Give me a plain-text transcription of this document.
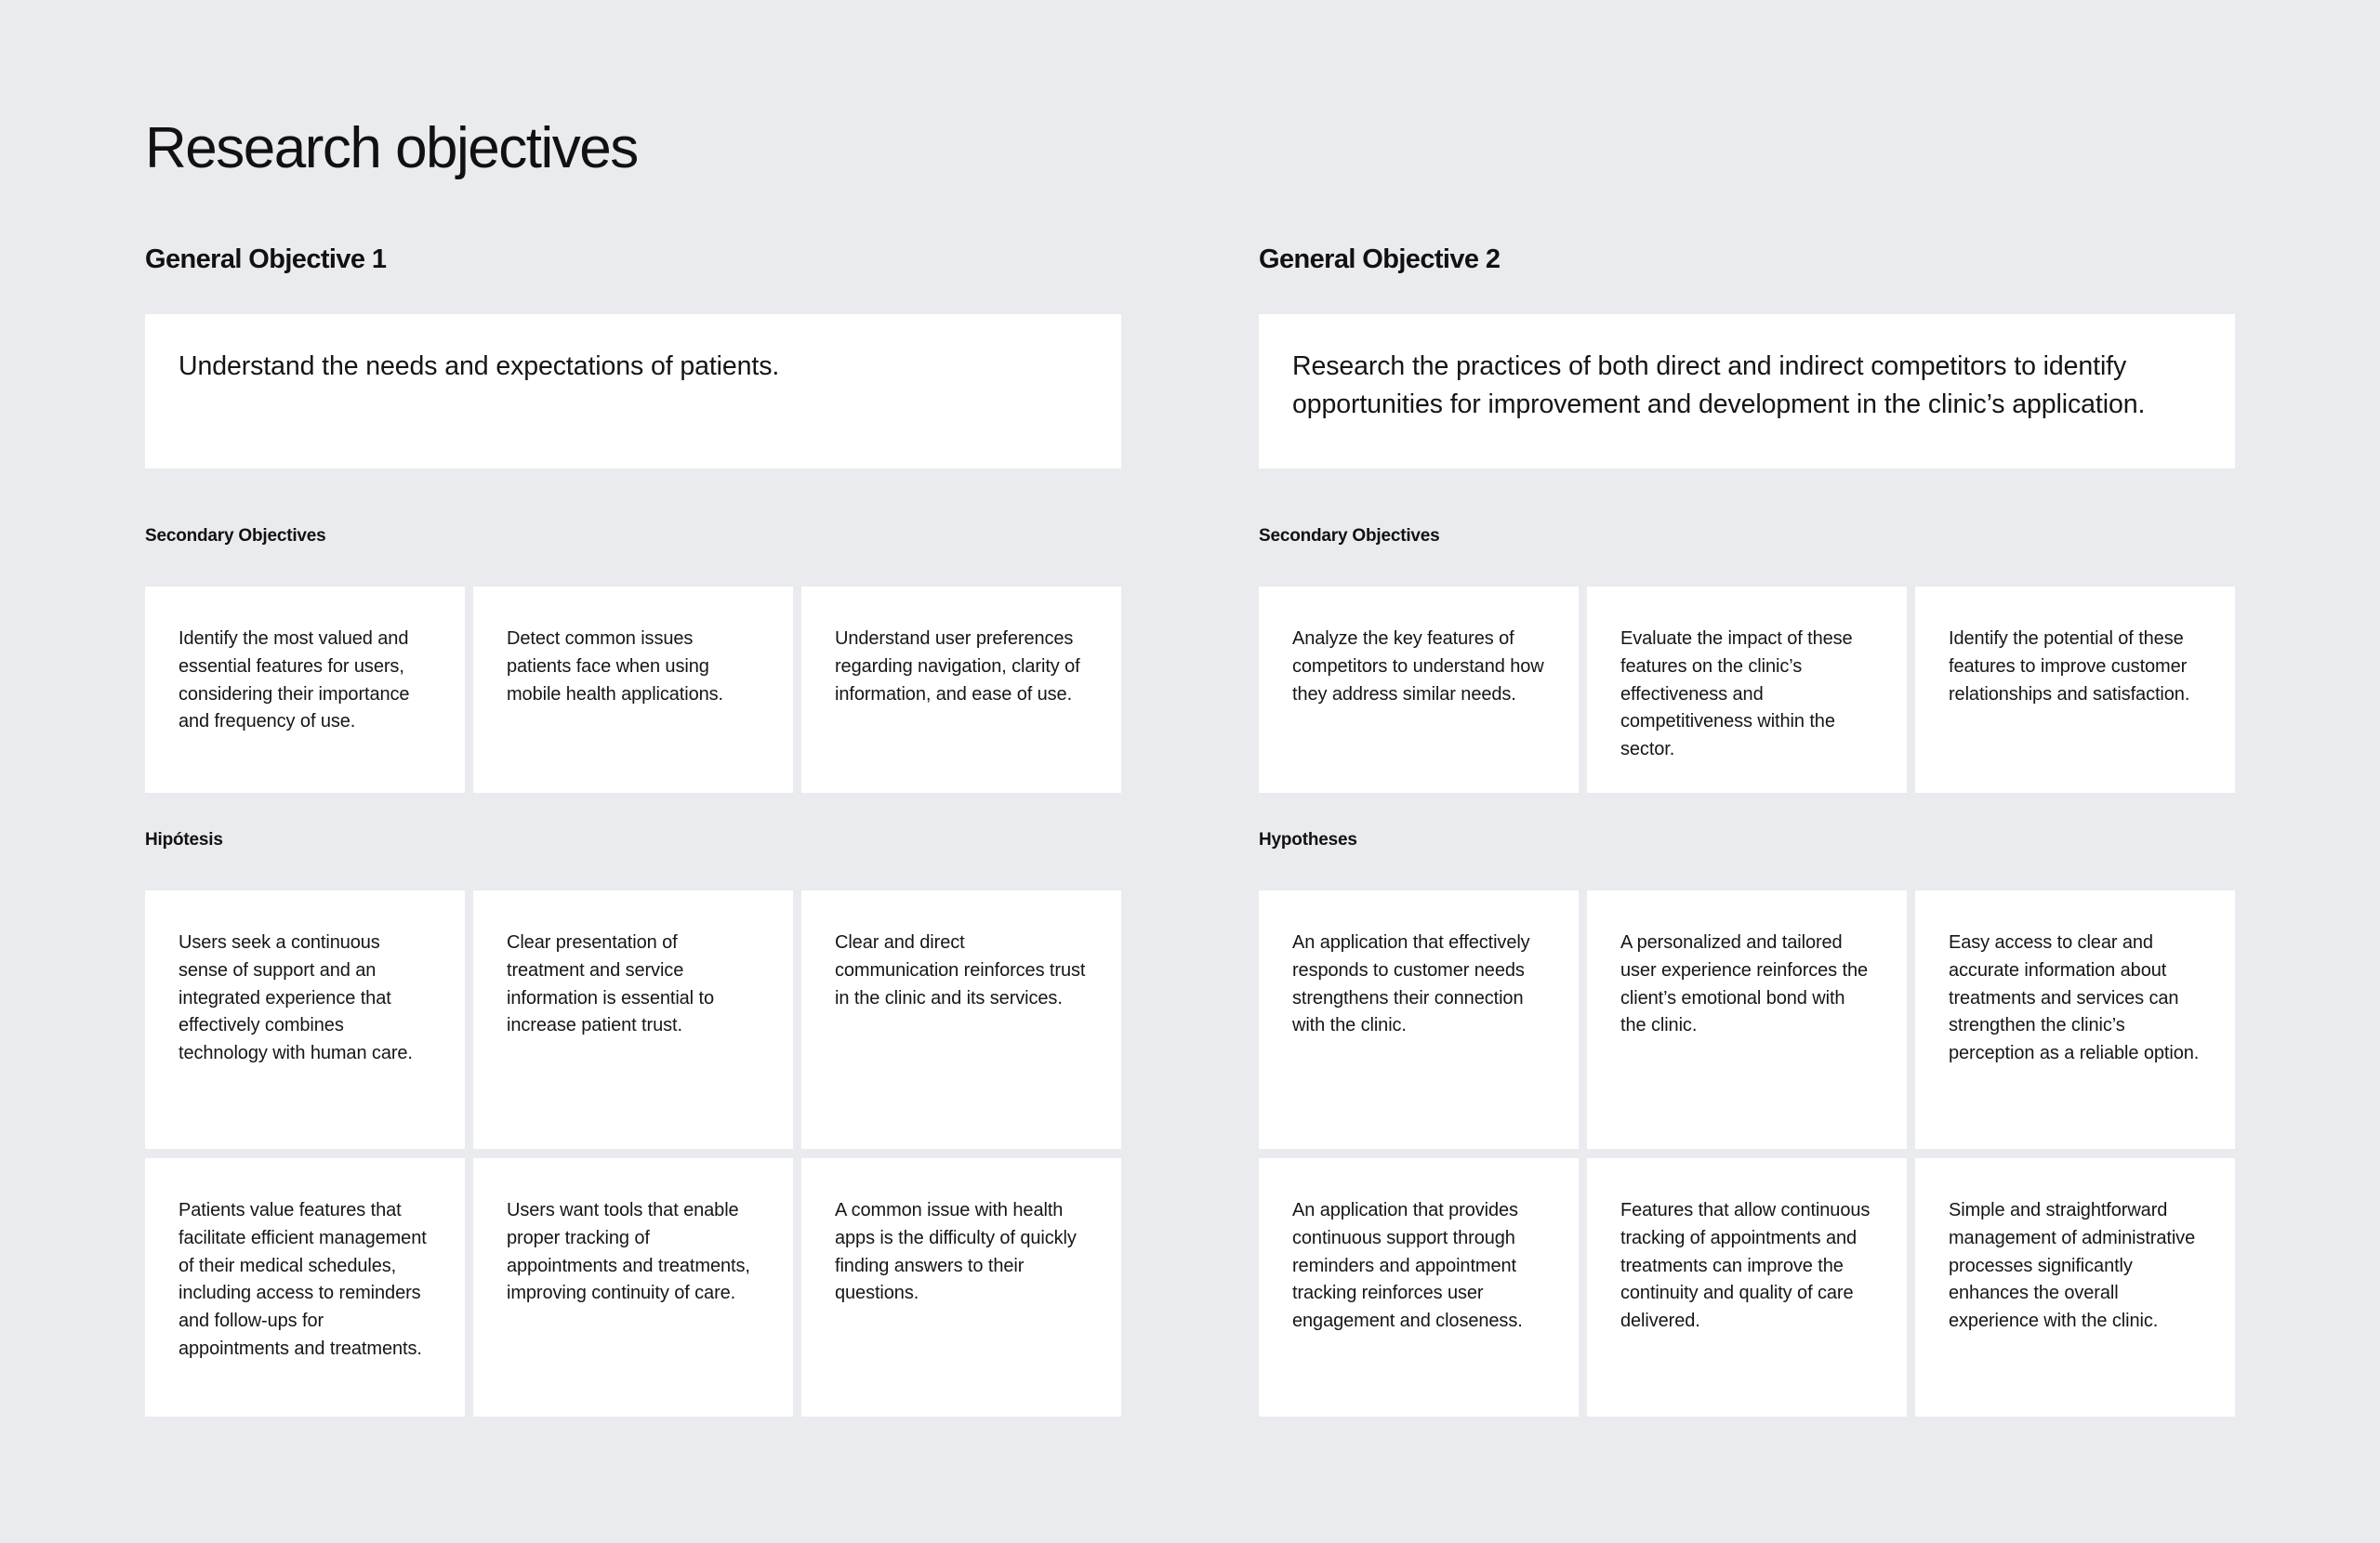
Research objectives
General Objective 1

Understand the needs and expectations of patients.

Secondary Objectives

Identify the most valued and essential features for users, considering their importance and frequency of use.

Detect common issues patients face when using mobile health applications.

Understand user preferences regarding navigation, clarity of information, and ease of use.

Hipótesis

Users seek a continuous sense of support and an integrated experience that effectively combines technology with human care.

Clear presentation of treatment and service information is essential to increase patient trust.

Clear and direct communication reinforces trust in the clinic and its services.

Patients value features that facilitate efficient management of their medical schedules, including access to reminders and follow-ups for appointments and treatments.

Users want tools that enable proper tracking of appointments and treatments, improving continuity of care.

A common issue with health apps is the difficulty of quickly finding answers to their questions.

General Objective 2

Research the practices of both direct and indirect competitors to identify opportunities for improvement and development in the clinic’s application.

Secondary Objectives

Analyze the key features of competitors to understand how they address similar needs.

Evaluate the impact of these features on the clinic’s effectiveness and competitiveness within the sector.

Identify the potential of these features to improve customer relationships and satisfaction.

Hypotheses

An application that effectively responds to customer needs strengthens their connection with the clinic.

A personalized and tailored user experience reinforces the client’s emotional bond with the clinic.

Easy access to clear and accurate information about treatments and services can strengthen the clinic’s perception as a reliable option.

An application that provides continuous support through reminders and appointment tracking reinforces user engagement and closeness.

Features that allow continuous tracking of appointments and treatments can improve the continuity and quality of care delivered.

Simple and straightforward management of administrative processes significantly enhances the overall experience with the clinic.
